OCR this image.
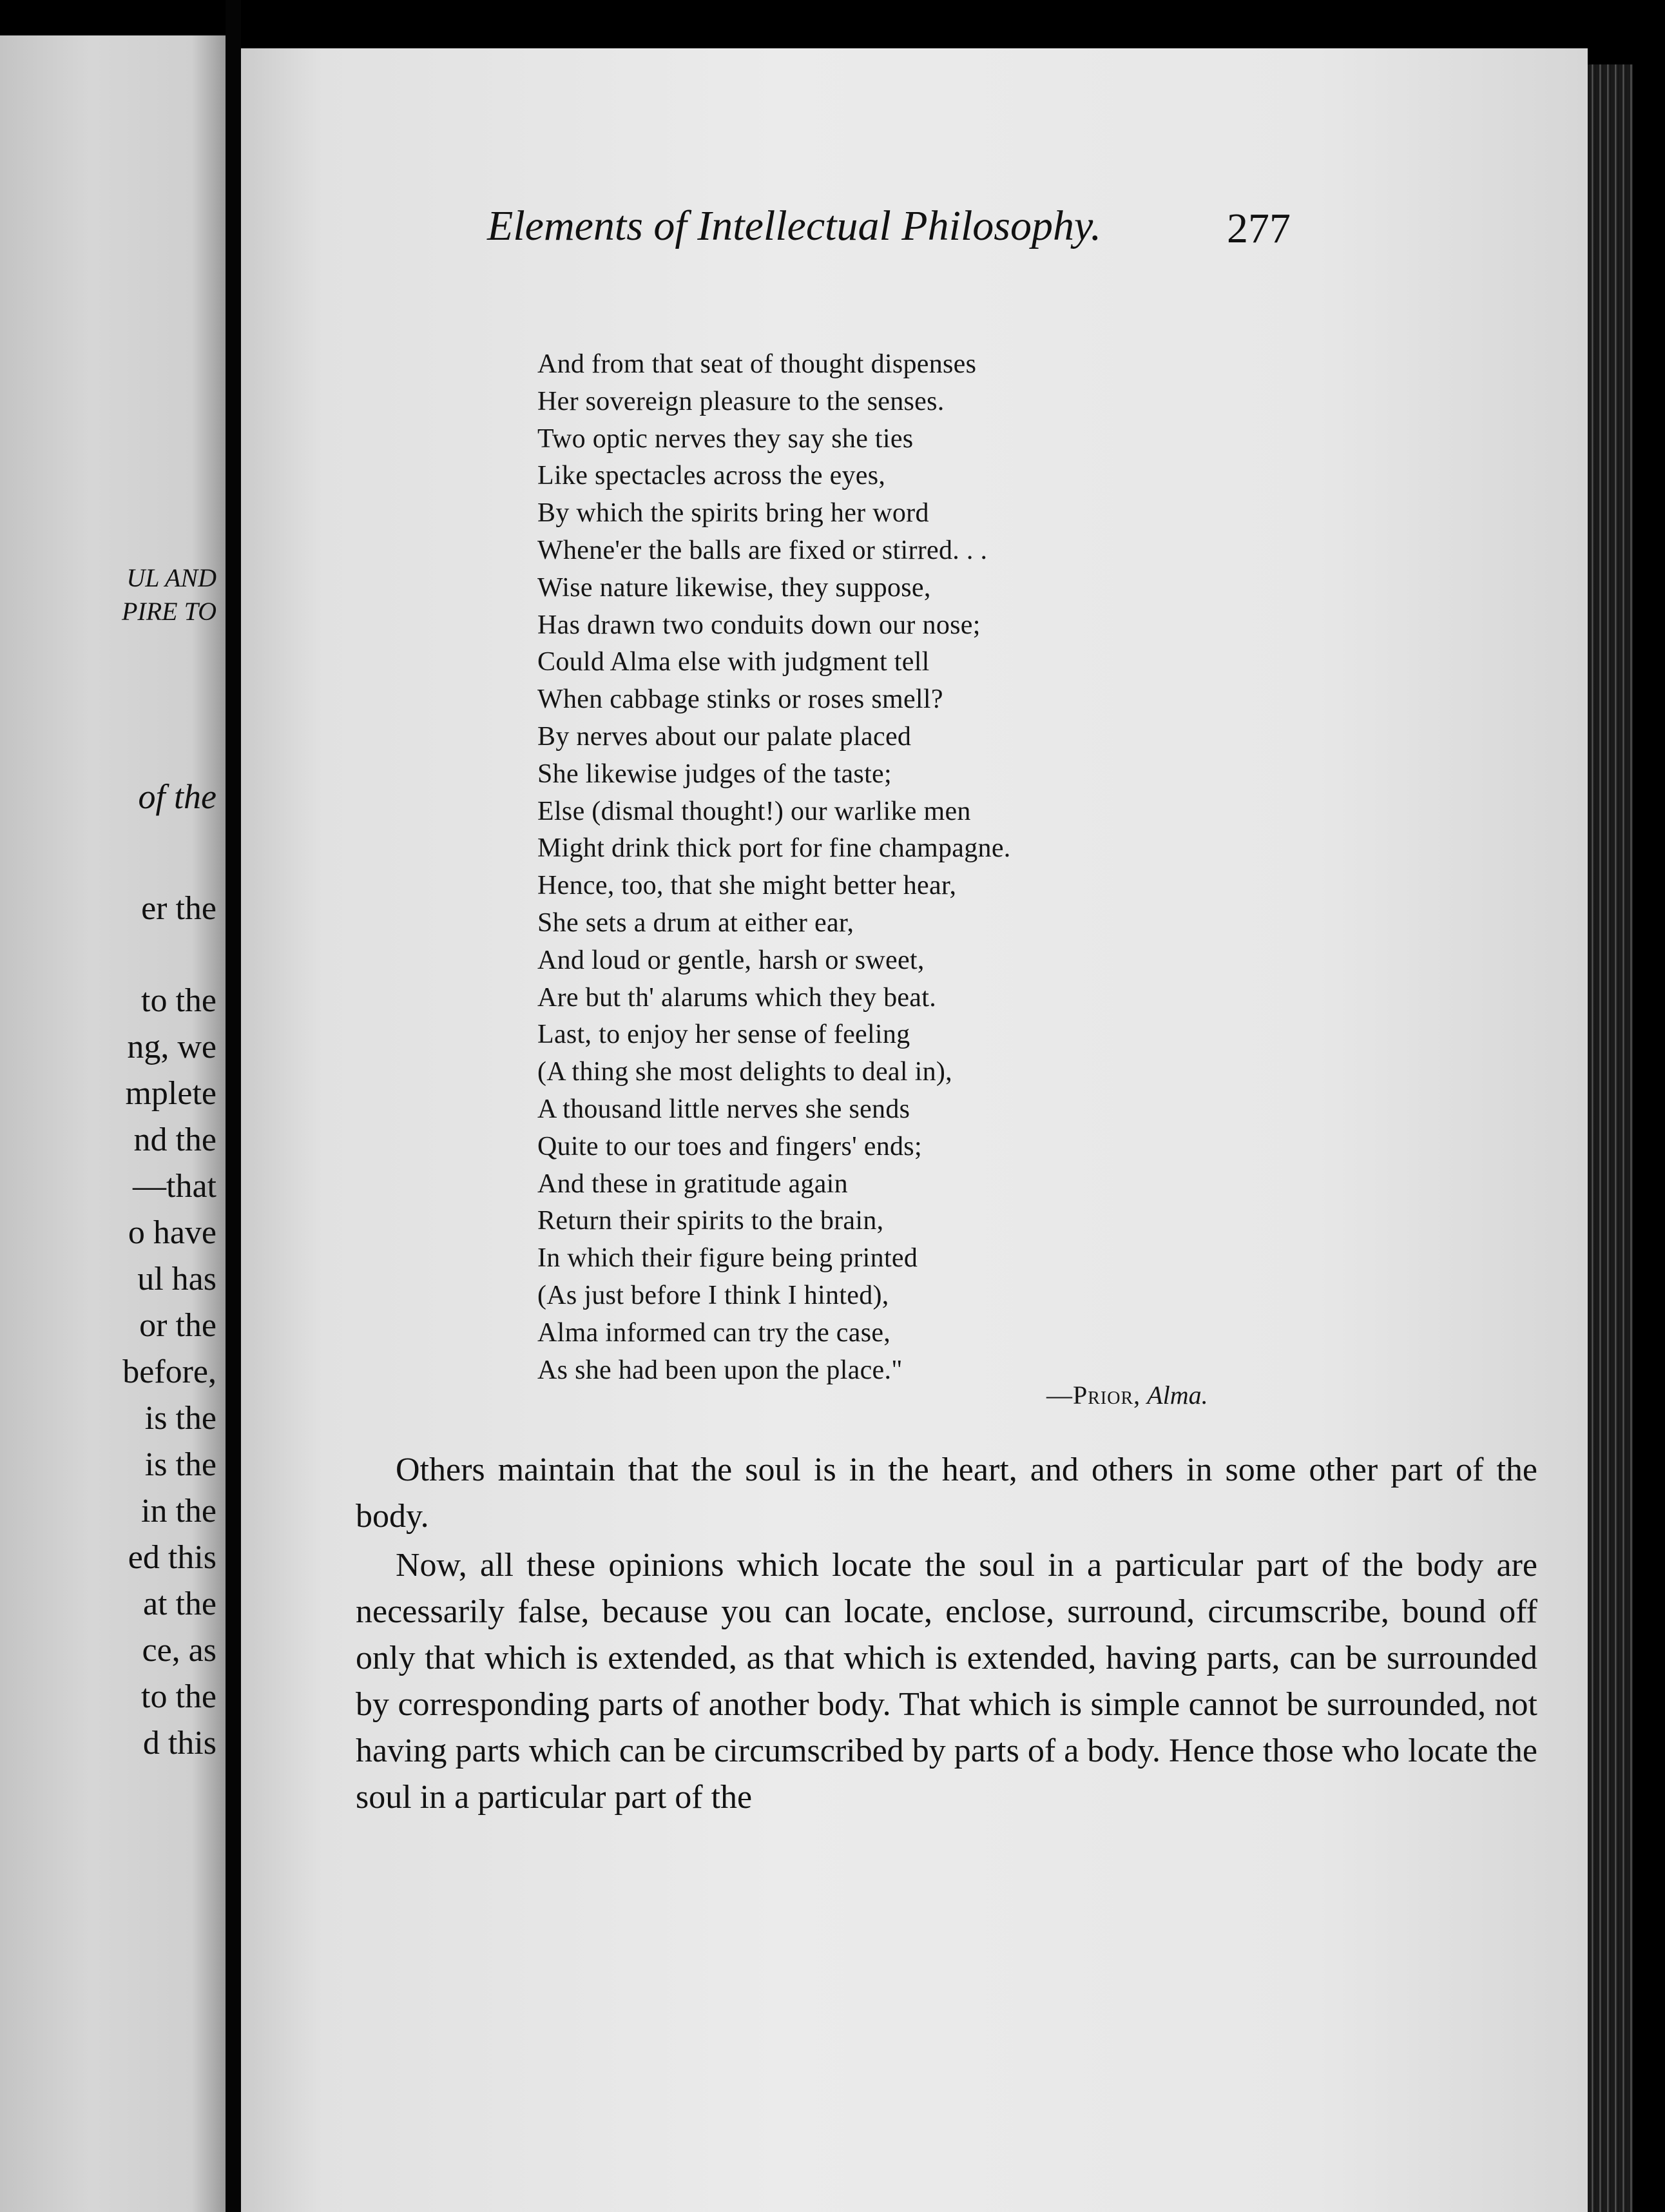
UL AND
PIRE TO
of the
er the
to the
ng, we
mplete
nd the
—that
o have
ul has
or the
before,
is the
is the
in the
ed this
at the
ce, as
to the
d this
Elements of Intellectual Philosophy.	277
And from that seat of thought dispenses
Her sovereign pleasure to the senses.
Two optic nerves they say she ties
Like spectacles across the eyes,
By which the spirits bring her word
Whene'er the balls are fixed or stirred. . .
Wise nature likewise, they suppose,
Has drawn two conduits down our nose;
Could Alma else with judgment tell
When cabbage stinks or roses smell?
By nerves about our palate placed
She likewise judges of the taste;
Else (dismal thought!) our warlike men
Might drink thick port for fine champagne.
Hence, too, that she might better hear,
She sets a drum at either ear,
And loud or gentle, harsh or sweet,
Are but th' alarums which they beat.
Last, to enjoy her sense of feeling
(A thing she most delights to deal in),
A thousand little nerves she sends
Quite to our toes and fingers' ends;
And these in gratitude again
Return their spirits to the brain,
In which their figure being printed
(As just before I think I hinted),
Alma informed can try the case,
As she had been upon the place."
—Prior, Alma.

Others maintain that the soul is in the heart, and others in some other part of the body.

Now, all these opinions which locate the soul in a particular part of the body are necessarily false, because you can locate, enclose, surround, circumscribe, bound off only that which is extended, as that which is extended, having parts, can be surrounded by corresponding parts of another body. That which is simple cannot be surrounded, not having parts which can be circumscribed by parts of a body. Hence those who locate the soul in a particular part of the
